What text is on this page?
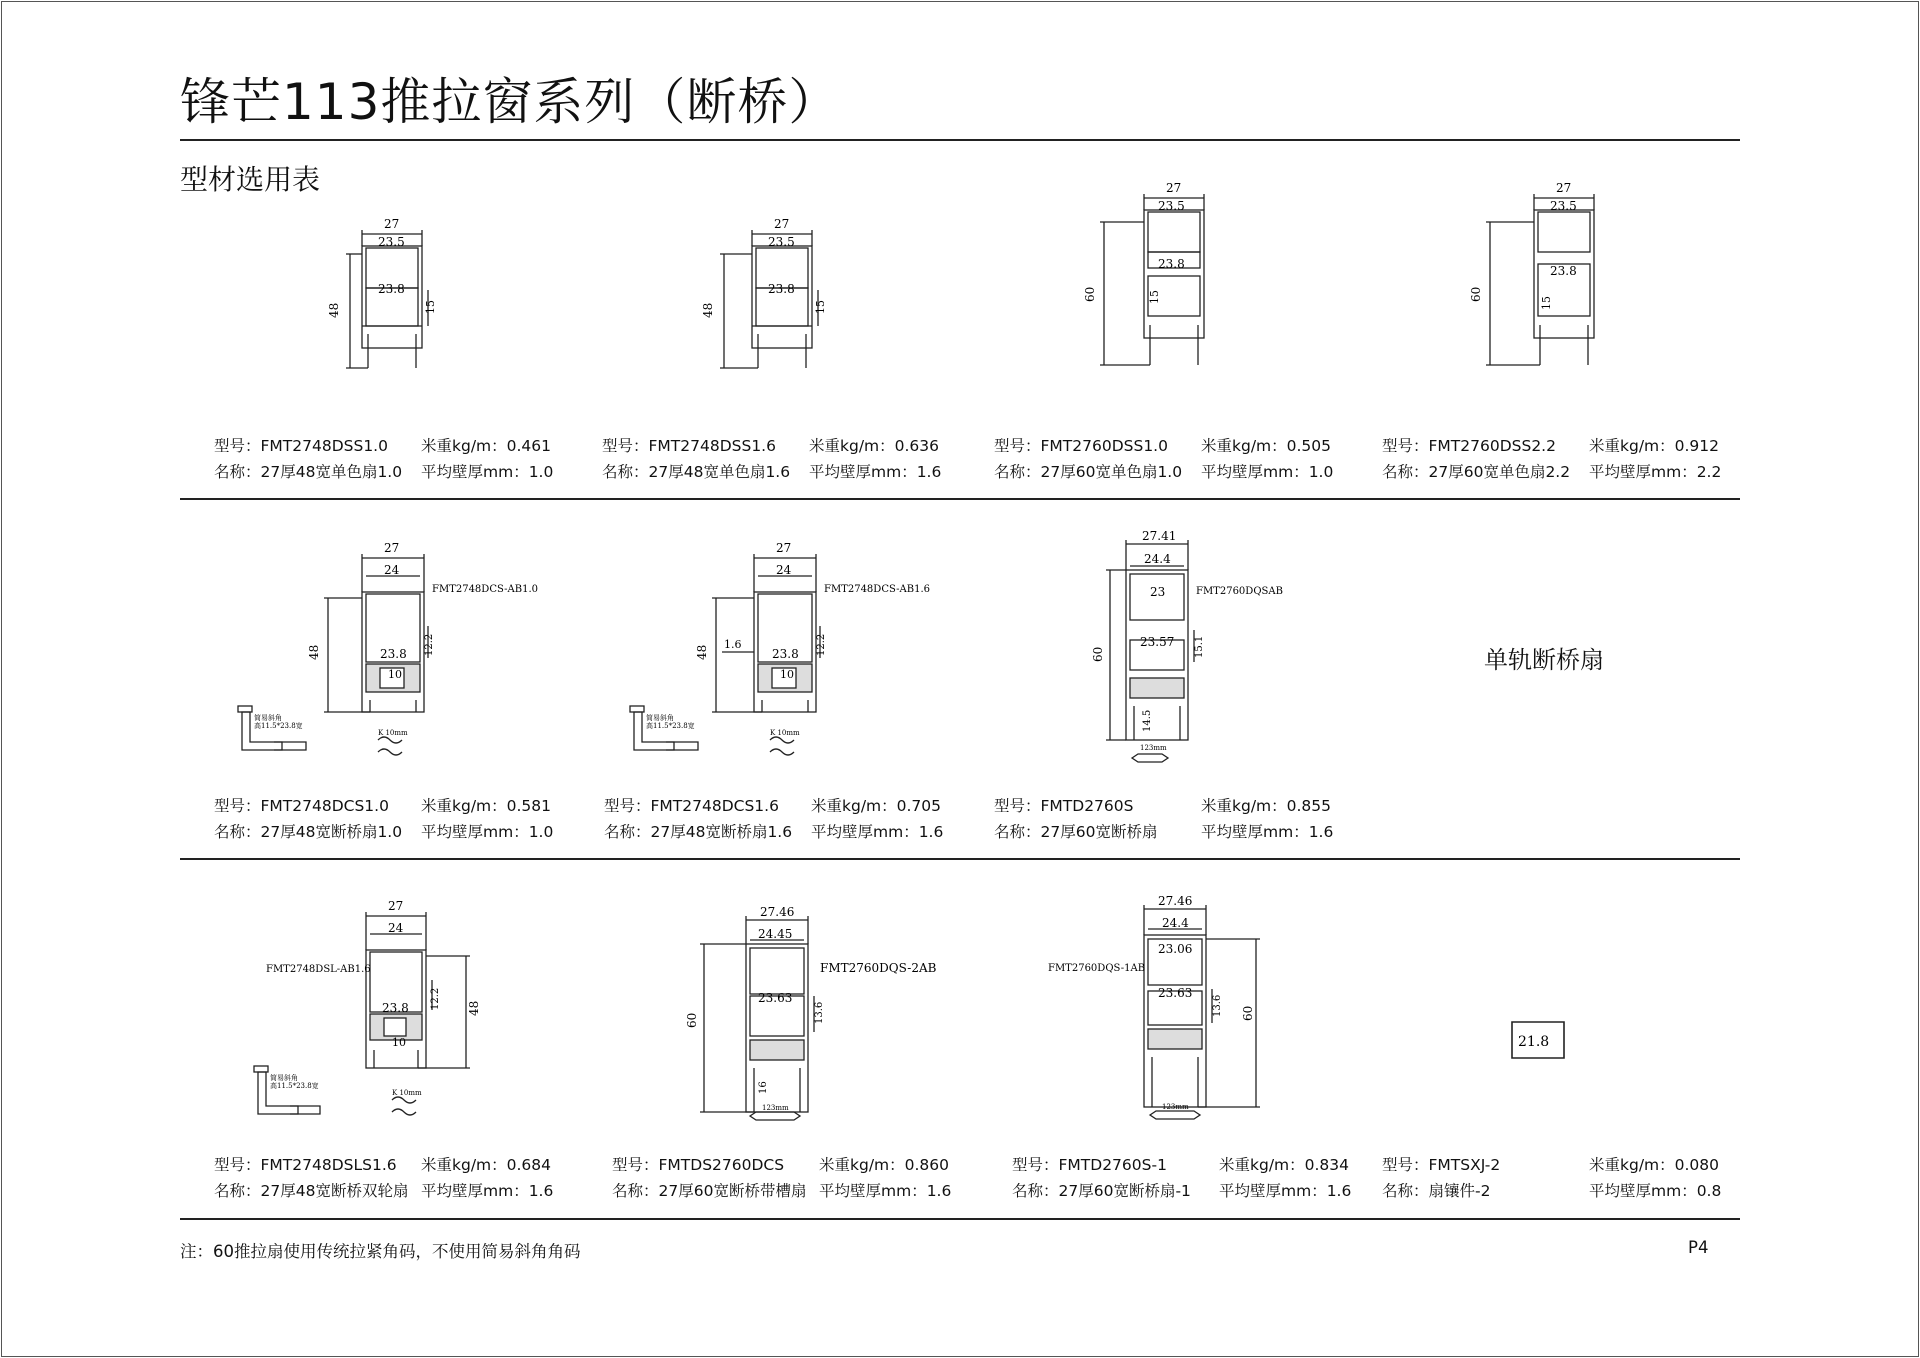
锋芒113推拉窗系列（断桥）
型材选用表
27
23.5
23.8
15
48
27
23.5
23.8
15
48
27
23.5
23.8
15
60
27
23.5
23.8
15
60
型号：FMT2748DSS1.0 米重kg/m：0.461

名称：27厚48宽单色扇1.0 平均壁厚mm：1.0
型号：FMT2748DSS1.6 米重kg/m：0.636

名称：27厚48宽单色扇1.6 平均壁厚mm：1.6
型号：FMT2760DSS1.0 米重kg/m：0.505

名称：27厚60宽单色扇1.0 平均壁厚mm：1.0
型号：FMT2760DSS2.2 米重kg/m：0.912

名称：27厚60宽单色扇2.2 平均壁厚mm：2.2
27
24
23.8 12.2
10
48
FMT2748DCS-AB1.0
简易斜角
高11.5*23.8宽
K 10mm
27
24
23.8 12.2
10
48
1.6
FMT2748DCS-AB1.6
简易斜角
高11.5*23.8宽
K 10mm
27.41
24.4
23
23.57 15.1
14.5
60
FMT2760DQSAB
123mm
单轨断桥扇
型号：FMT2748DCS1.0 米重kg/m：0.581

名称：27厚48宽断桥扇1.0 平均壁厚mm：1.0
型号：FMT2748DCS1.6 米重kg/m：0.705

名称：27厚48宽断桥扇1.6 平均壁厚mm：1.6
型号：FMTD2760S	米重kg/m：0.855

名称：27厚60宽断桥扇	平均壁厚mm：1.6
27
24
23.8 12.2
10
48
FMT2748DSL-AB1.6
简易斜角
高11.5*23.8宽
K 10mm
27.46
24.45
23.63
13.6
16
60
FMT2760DQS-2AB
123mm
27.46
24.4
23.06
23.63
13.6 60
FMT2760DQS-1AB
123mm
21.8
型号：FMT2748DSLS1.6 米重kg/m：0.684

名称：27厚48宽断桥双轮扇 平均壁厚mm：1.6
型号：FMTDS2760DCS 米重kg/m：0.860

名称：27厚60宽断桥带槽扇 平均壁厚mm：1.6
型号：FMTD2760S-1	米重kg/m：0.834

名称：27厚60宽断桥扇-1 平均壁厚mm：1.6
型号：FMTSXJ-2	米重kg/m：0.080

名称：扇镶件-2	平均壁厚mm：0.8
注：60推拉扇使用传统拉紧角码，不使用简易斜角角码	P4
